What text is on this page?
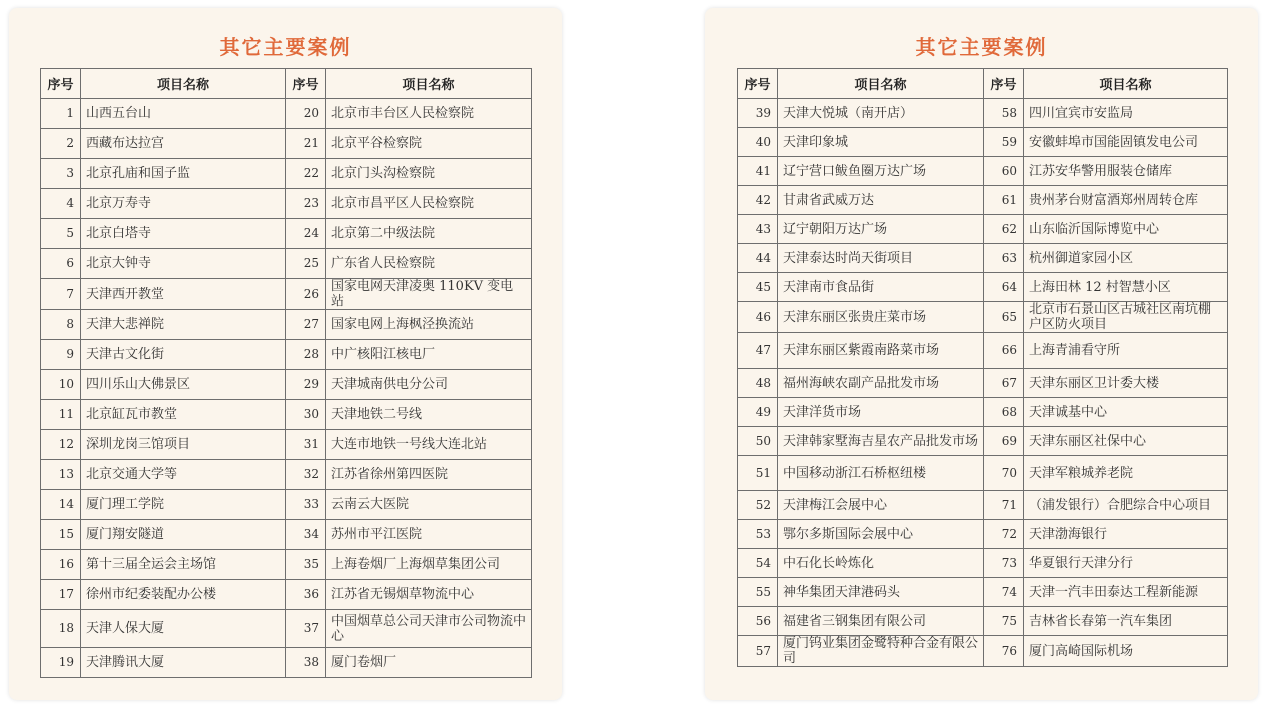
其它主要案例
序号	项目名称	序号	项目名称
1	山西五台山	20	北京市丰台区人民检察院
2	西藏布达拉宫	21	北京平谷检察院
3	北京孔庙和国子监	22	北京门头沟检察院
4	北京万寿寺	23	北京市昌平区人民检察院
5	北京白塔寺	24	北京第二中级法院
6	北京大钟寺	25	广东省人民检察院
7	天津西开教堂	26	国家电网天津凌奥 110KV 变电站
8	天津大悲禅院	27	国家电网上海枫泾换流站
9	天津古文化街	28	中广核阳江核电厂
10	四川乐山大佛景区	29	天津城南供电分公司
11	北京缸瓦市教堂	30	天津地铁二号线
12	深圳龙岗三馆项目	31	大连市地铁一号线大连北站
13	北京交通大学等	32	江苏省徐州第四医院
14	厦门理工学院	33	云南云大医院
15	厦门翔安隧道	34	苏州市平江医院
16	第十三届全运会主场馆	35	上海卷烟厂上海烟草集团公司
17	徐州市纪委装配办公楼	36	江苏省无锡烟草物流中心
18	天津人保大厦	37	中国烟草总公司天津市公司物流中心
19	天津腾讯大厦	38	厦门卷烟厂
其它主要案例
序号	项目名称	序号	项目名称
39	天津大悦城（南开店）	58	四川宜宾市安监局
40	天津印象城	59	安徽蚌埠市国能固镇发电公司
41	辽宁营口鲅鱼圈万达广场	60	江苏安华警用服装仓储库
42	甘肃省武威万达	61	贵州茅台财富酒郑州周转仓库
43	辽宁朝阳万达广场	62	山东临沂国际博览中心
44	天津泰达时尚天街项目	63	杭州御道家园小区
45	天津南市食品街	64	上海田林 12 村智慧小区
46	天津东丽区张贵庄菜市场	65	北京市石景山区古城社区南坑棚户区防火项目
47	天津东丽区紫霞南路菜市场	66	上海青浦看守所
48	福州海峡农副产品批发市场	67	天津东丽区卫计委大楼
49	天津洋货市场	68	天津诚基中心
50	天津韩家墅海吉星农产品批发市场	69	天津东丽区社保中心
51	中国移动浙江石桥枢纽楼	70	天津军粮城养老院
52	天津梅江会展中心	71	（浦发银行）合肥综合中心项目
53	鄂尔多斯国际会展中心	72	天津渤海银行
54	中石化长岭炼化	73	华夏银行天津分行
55	神华集团天津港码头	74	天津一汽丰田泰达工程新能源
56	福建省三钢集团有限公司	75	吉林省长春第一汽车集团
57	厦门钨业集团金鹭特种合金有限公司	76	厦门高崎国际机场
